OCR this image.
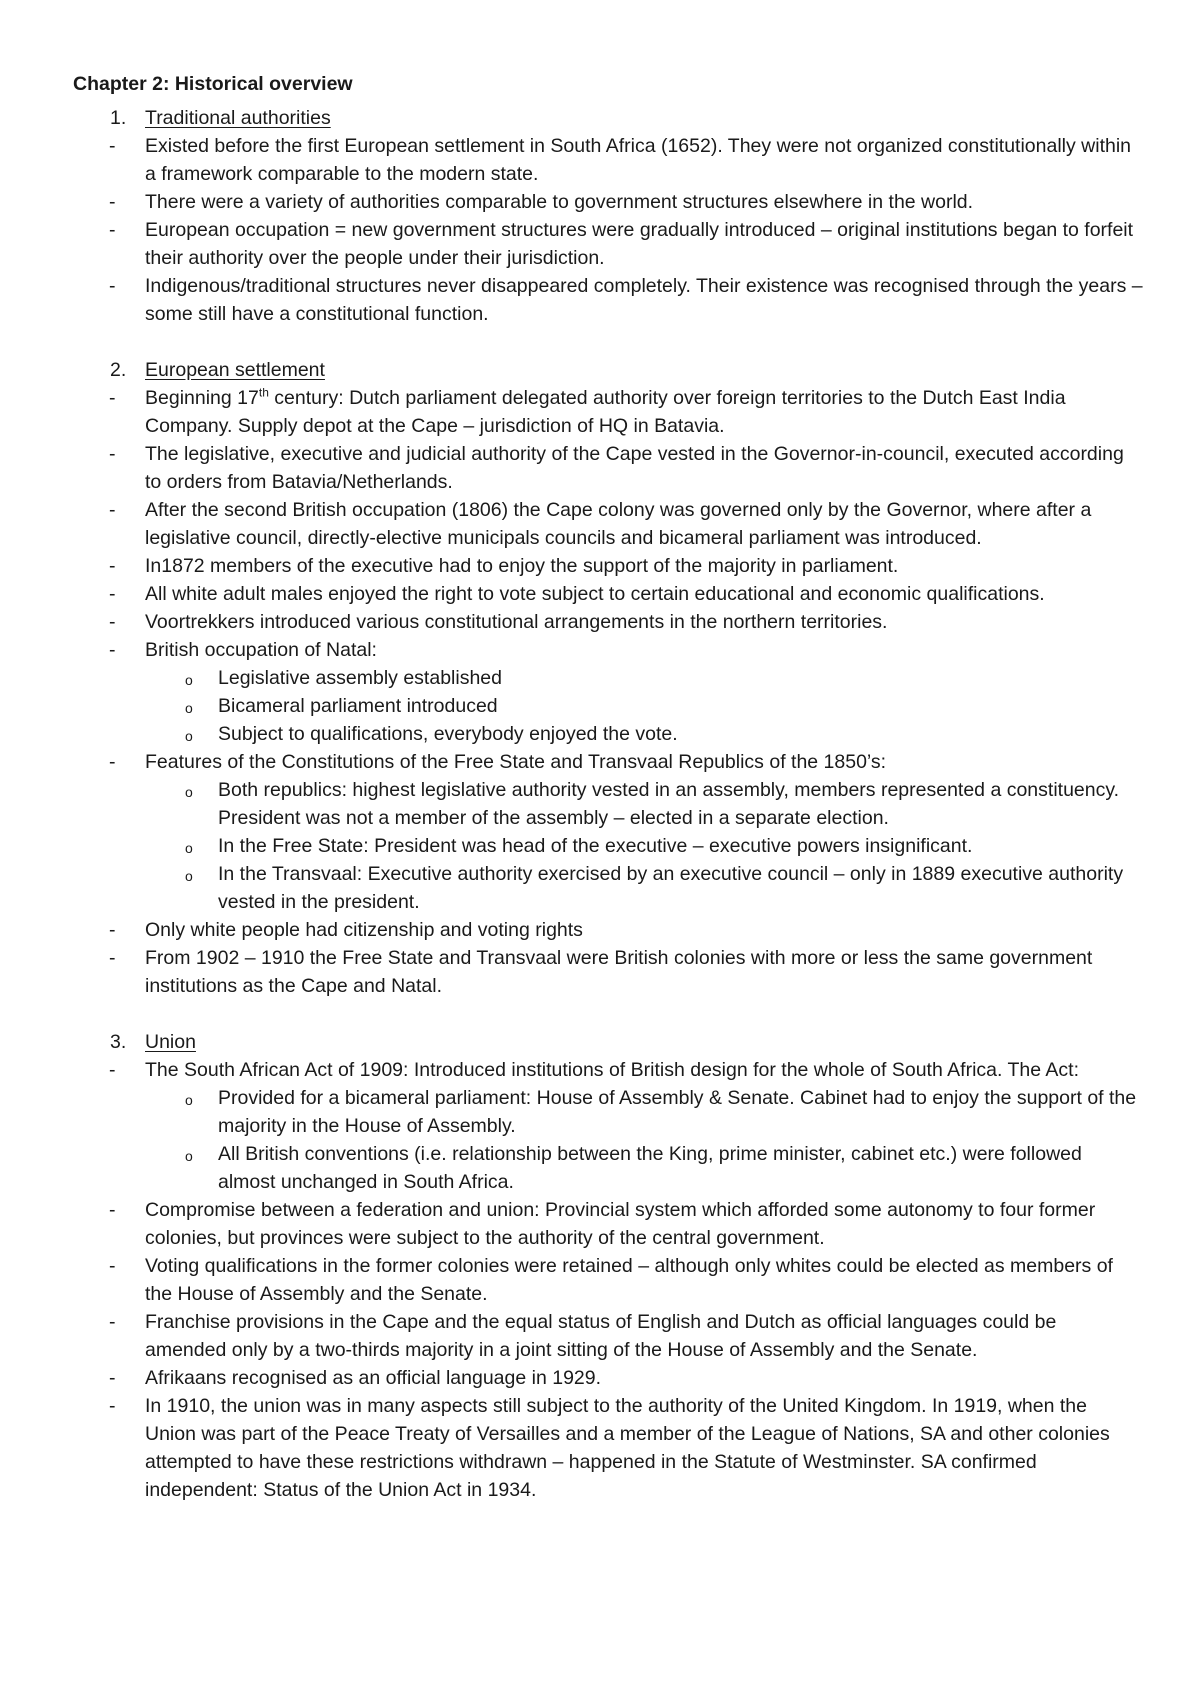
Chapter 2: Historical overview
1. Traditional authorities
- Existed before the first European settlement in South Africa (1652). They were not organized constitutionally within a framework comparable to the modern state.
- There were a variety of authorities comparable to government structures elsewhere in the world.
- European occupation = new government structures were gradually introduced – original institutions began to forfeit their authority over the people under their jurisdiction.
- Indigenous/traditional structures never disappeared completely. Their existence was recognised through the years – some still have a constitutional function.
2. European settlement
- Beginning 17th century: Dutch parliament delegated authority over foreign territories to the Dutch East India Company. Supply depot at the Cape – jurisdiction of HQ in Batavia.
- The legislative, executive and judicial authority of the Cape vested in the Governor-in-council, executed according to orders from Batavia/Netherlands.
- After the second British occupation (1806) the Cape colony was governed only by the Governor, where after a legislative council, directly-elective municipals councils and bicameral parliament was introduced.
- In1872 members of the executive had to enjoy the support of the majority in parliament.
- All white adult males enjoyed the right to vote subject to certain educational and economic qualifications.
- Voortrekkers introduced various constitutional arrangements in the northern territories.
- British occupation of Natal:
o Legislative assembly established
o Bicameral parliament introduced
o Subject to qualifications, everybody enjoyed the vote.
- Features of the Constitutions of the Free State and Transvaal Republics of the 1850’s:
o Both republics: highest legislative authority vested in an assembly, members represented a constituency. President was not a member of the assembly – elected in a separate election.
o In the Free State: President was head of the executive – executive powers insignificant.
o In the Transvaal: Executive authority exercised by an executive council – only in 1889 executive authority vested in the president.
- Only white people had citizenship and voting rights
- From 1902 – 1910 the Free State and Transvaal were British colonies with more or less the same government institutions as the Cape and Natal.
3. Union
- The South African Act of 1909: Introduced institutions of British design for the whole of South Africa. The Act:
o Provided for a bicameral parliament: House of Assembly & Senate. Cabinet had to enjoy the support of the majority in the House of Assembly.
o All British conventions (i.e. relationship between the King, prime minister, cabinet etc.) were followed almost unchanged in South Africa.
- Compromise between a federation and union: Provincial system which afforded some autonomy to four former colonies, but provinces were subject to the authority of the central government.
- Voting qualifications in the former colonies were retained – although only whites could be elected as members of the House of Assembly and the Senate.
- Franchise provisions in the Cape and the equal status of English and Dutch as official languages could be amended only by a two-thirds majority in a joint sitting of the House of Assembly and the Senate.
- Afrikaans recognised as an official language in 1929.
- In 1910, the union was in many aspects still subject to the authority of the United Kingdom. In 1919, when the Union was part of the Peace Treaty of Versailles and a member of the League of Nations, SA and other colonies attempted to have these restrictions withdrawn – happened in the Statute of Westminster. SA confirmed independent: Status of the Union Act in 1934.
